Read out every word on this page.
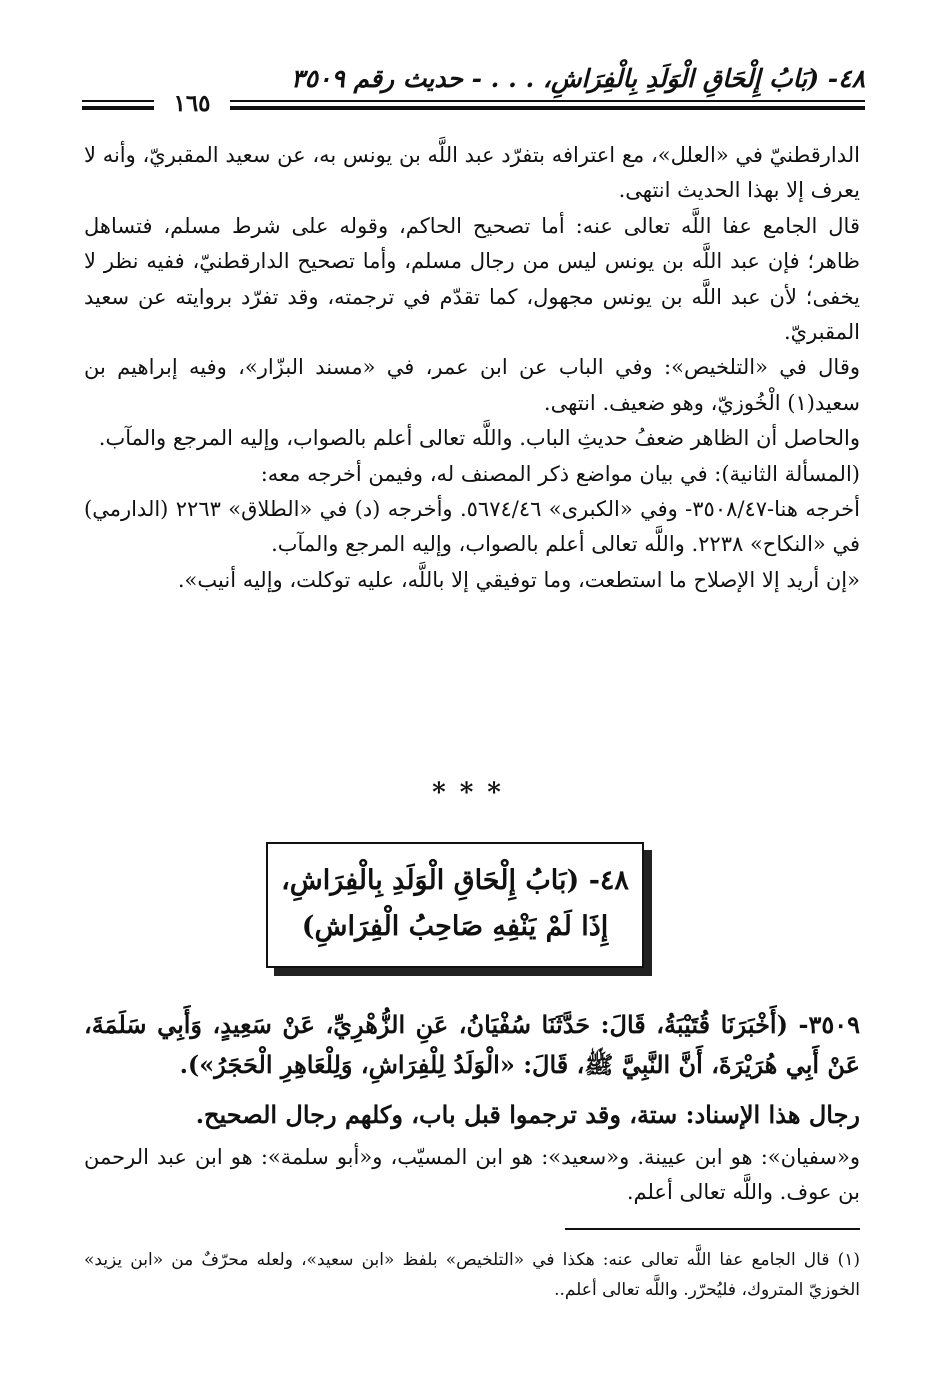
٤٨- (بَابُ إِلْحَاقِ الْوَلَدِ بِالْفِرَاشِ، . . . - حديث رقم ٣٥٠٩
١٦٥

الدارقطنيّ في «العلل»، مع اعترافه بتفرّد عبد اللَّه بن يونس به، عن سعيد المقبريّ، وأنه لا يعرف إلا بهذا الحديث انتهى.

قال الجامع عفا اللَّه تعالى عنه: أما تصحيح الحاكم، وقوله على شرط مسلم، فتساهل ظاهر؛ فإن عبد اللَّه بن يونس ليس من رجال مسلم، وأما تصحيح الدارقطنيّ، ففيه نظر لا يخفى؛ لأن عبد اللَّه بن يونس مجهول، كما تقدّم في ترجمته، وقد تفرّد بروايته عن سعيد المقبريّ.

وقال في «التلخيص»: وفي الباب عن ابن عمر، في «مسند البزّار»، وفيه إبراهيم بن سعيد(١) الْخُوزيّ، وهو ضعيف. انتهى.

والحاصل أن الظاهر ضعفُ حديثِ الباب. واللَّه تعالى أعلم بالصواب، وإليه المرجع والمآب.

(المسألة الثانية): في بيان مواضع ذكر المصنف له، وفيمن أخرجه معه:

أخرجه هنا-٣٥٠٨/٤٧- وفي «الكبرى» ٥٦٧٤/٤٦. وأخرجه (د) في «الطلاق» ٢٢٦٣ (الدارمي) في «النكاح» ٢٢٣٨. واللَّه تعالى أعلم بالصواب، وإليه المرجع والمآب.

«إن أريد إلا الإصلاح ما استطعت، وما توفيقي إلا باللَّه، عليه توكلت، وإليه أنيب».

***
٤٨- (بَابُ إِلْحَاقِ الْوَلَدِ بِالْفِرَاشِ،
إِذَا لَمْ يَنْفِهِ صَاحِبُ الْفِرَاشِ)
٣٥٠٩- (أَخْبَرَنَا قُتَيْبَةُ، قَالَ: حَدَّثَنَا سُفْيَانُ، عَنِ الزُّهْرِيِّ، عَنْ سَعِيدٍ، وَأَبِي سَلَمَةَ، عَنْ أَبِي هُرَيْرَةَ، أَنَّ النَّبِيَّ ﷺ، قَالَ: «الْوَلَدُ لِلْفِرَاشِ، وَلِلْعَاهِرِ الْحَجَرُ»).
رجال هذا الإسناد: ستة، وقد ترجموا قبل باب، وكلهم رجال الصحيح.
و«سفيان»: هو ابن عيينة. و«سعيد»: هو ابن المسيّب، و«أبو سلمة»: هو ابن عبد الرحمن بن عوف. واللَّه تعالى أعلم.
(١) قال الجامع عفا اللَّه تعالى عنه: هكذا في «التلخيص» بلفظ «ابن سعيد»، ولعله محرّفٌ من «ابن يزيد» الخوزيّ المتروك، فليُحرّر. واللَّه تعالى أعلم..
